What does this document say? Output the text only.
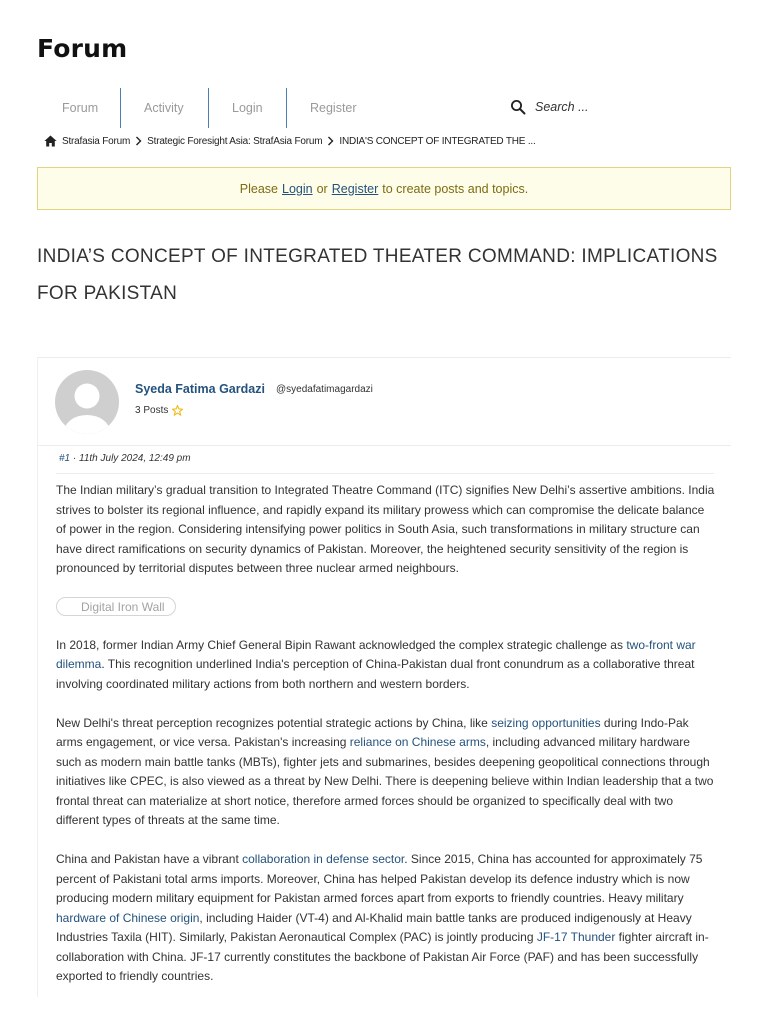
Forum
Forum	Activity	Login	Register
Search ...
Strafasia Forum Strategic Foresight Asia: StrafAsia Forum INDIA'S CONCEPT OF INTEGRATED THE ...
Please Login or Register to create posts and topics.
INDIA’S CONCEPT OF INTEGRATED THEATER COMMAND: IMPLICATIONS FOR PAKISTAN
Syeda Fatima Gardazi @syedafatimagardazi
3 Posts
#1 · 11th July 2024, 12:49 pm

The Indian military’s gradual transition to Integrated Theatre Command (ITC) signifies New Delhi’s assertive ambitions. India strives to bolster its regional influence, and rapidly expand its military prowess which can compromise the delicate balance of power in the region. Considering intensifying power politics in South Asia, such transformations in military structure can have direct ramifications on security dynamics of Pakistan. Moreover, the heightened security sensitivity of the region is pronounced by territorial disputes between three nuclear armed neighbours.

Digital Iron Wall

In 2018, former Indian Army Chief General Bipin Rawant acknowledged the complex strategic challenge as two-front war dilemma. This recognition underlined India's perception of China-Pakistan dual front conundrum as a collaborative threat involving coordinated military actions from both northern and western borders.

New Delhi's threat perception recognizes potential strategic actions by China, like seizing opportunities during Indo-Pak arms engagement, or vice versa. Pakistan's increasing reliance on Chinese arms, including advanced military hardware such as modern main battle tanks (MBTs), fighter jets and submarines, besides deepening geopolitical connections through initiatives like CPEC, is also viewed as a threat by New Delhi. There is deepening believe within Indian leadership that a two frontal threat can materialize at short notice, therefore armed forces should be organized to specifically deal with two different types of threats at the same time.

China and Pakistan have a vibrant collaboration in defense sector. Since 2015, China has accounted for approximately 75 percent of Pakistani total arms imports. Moreover, China has helped Pakistan develop its defence industry which is now producing modern military equipment for Pakistan armed forces apart from exports to friendly countries. Heavy military hardware of Chinese origin, including Haider (VT-4) and Al-Khalid main battle tanks are produced indigenously at Heavy Industries Taxila (HIT). Similarly, Pakistan Aeronautical Complex (PAC) is jointly producing JF-17 Thunder fighter aircraft in-collaboration with China. JF-17 currently constitutes the backbone of Pakistan Air Force (PAF) and has been successfully exported to friendly countries.
